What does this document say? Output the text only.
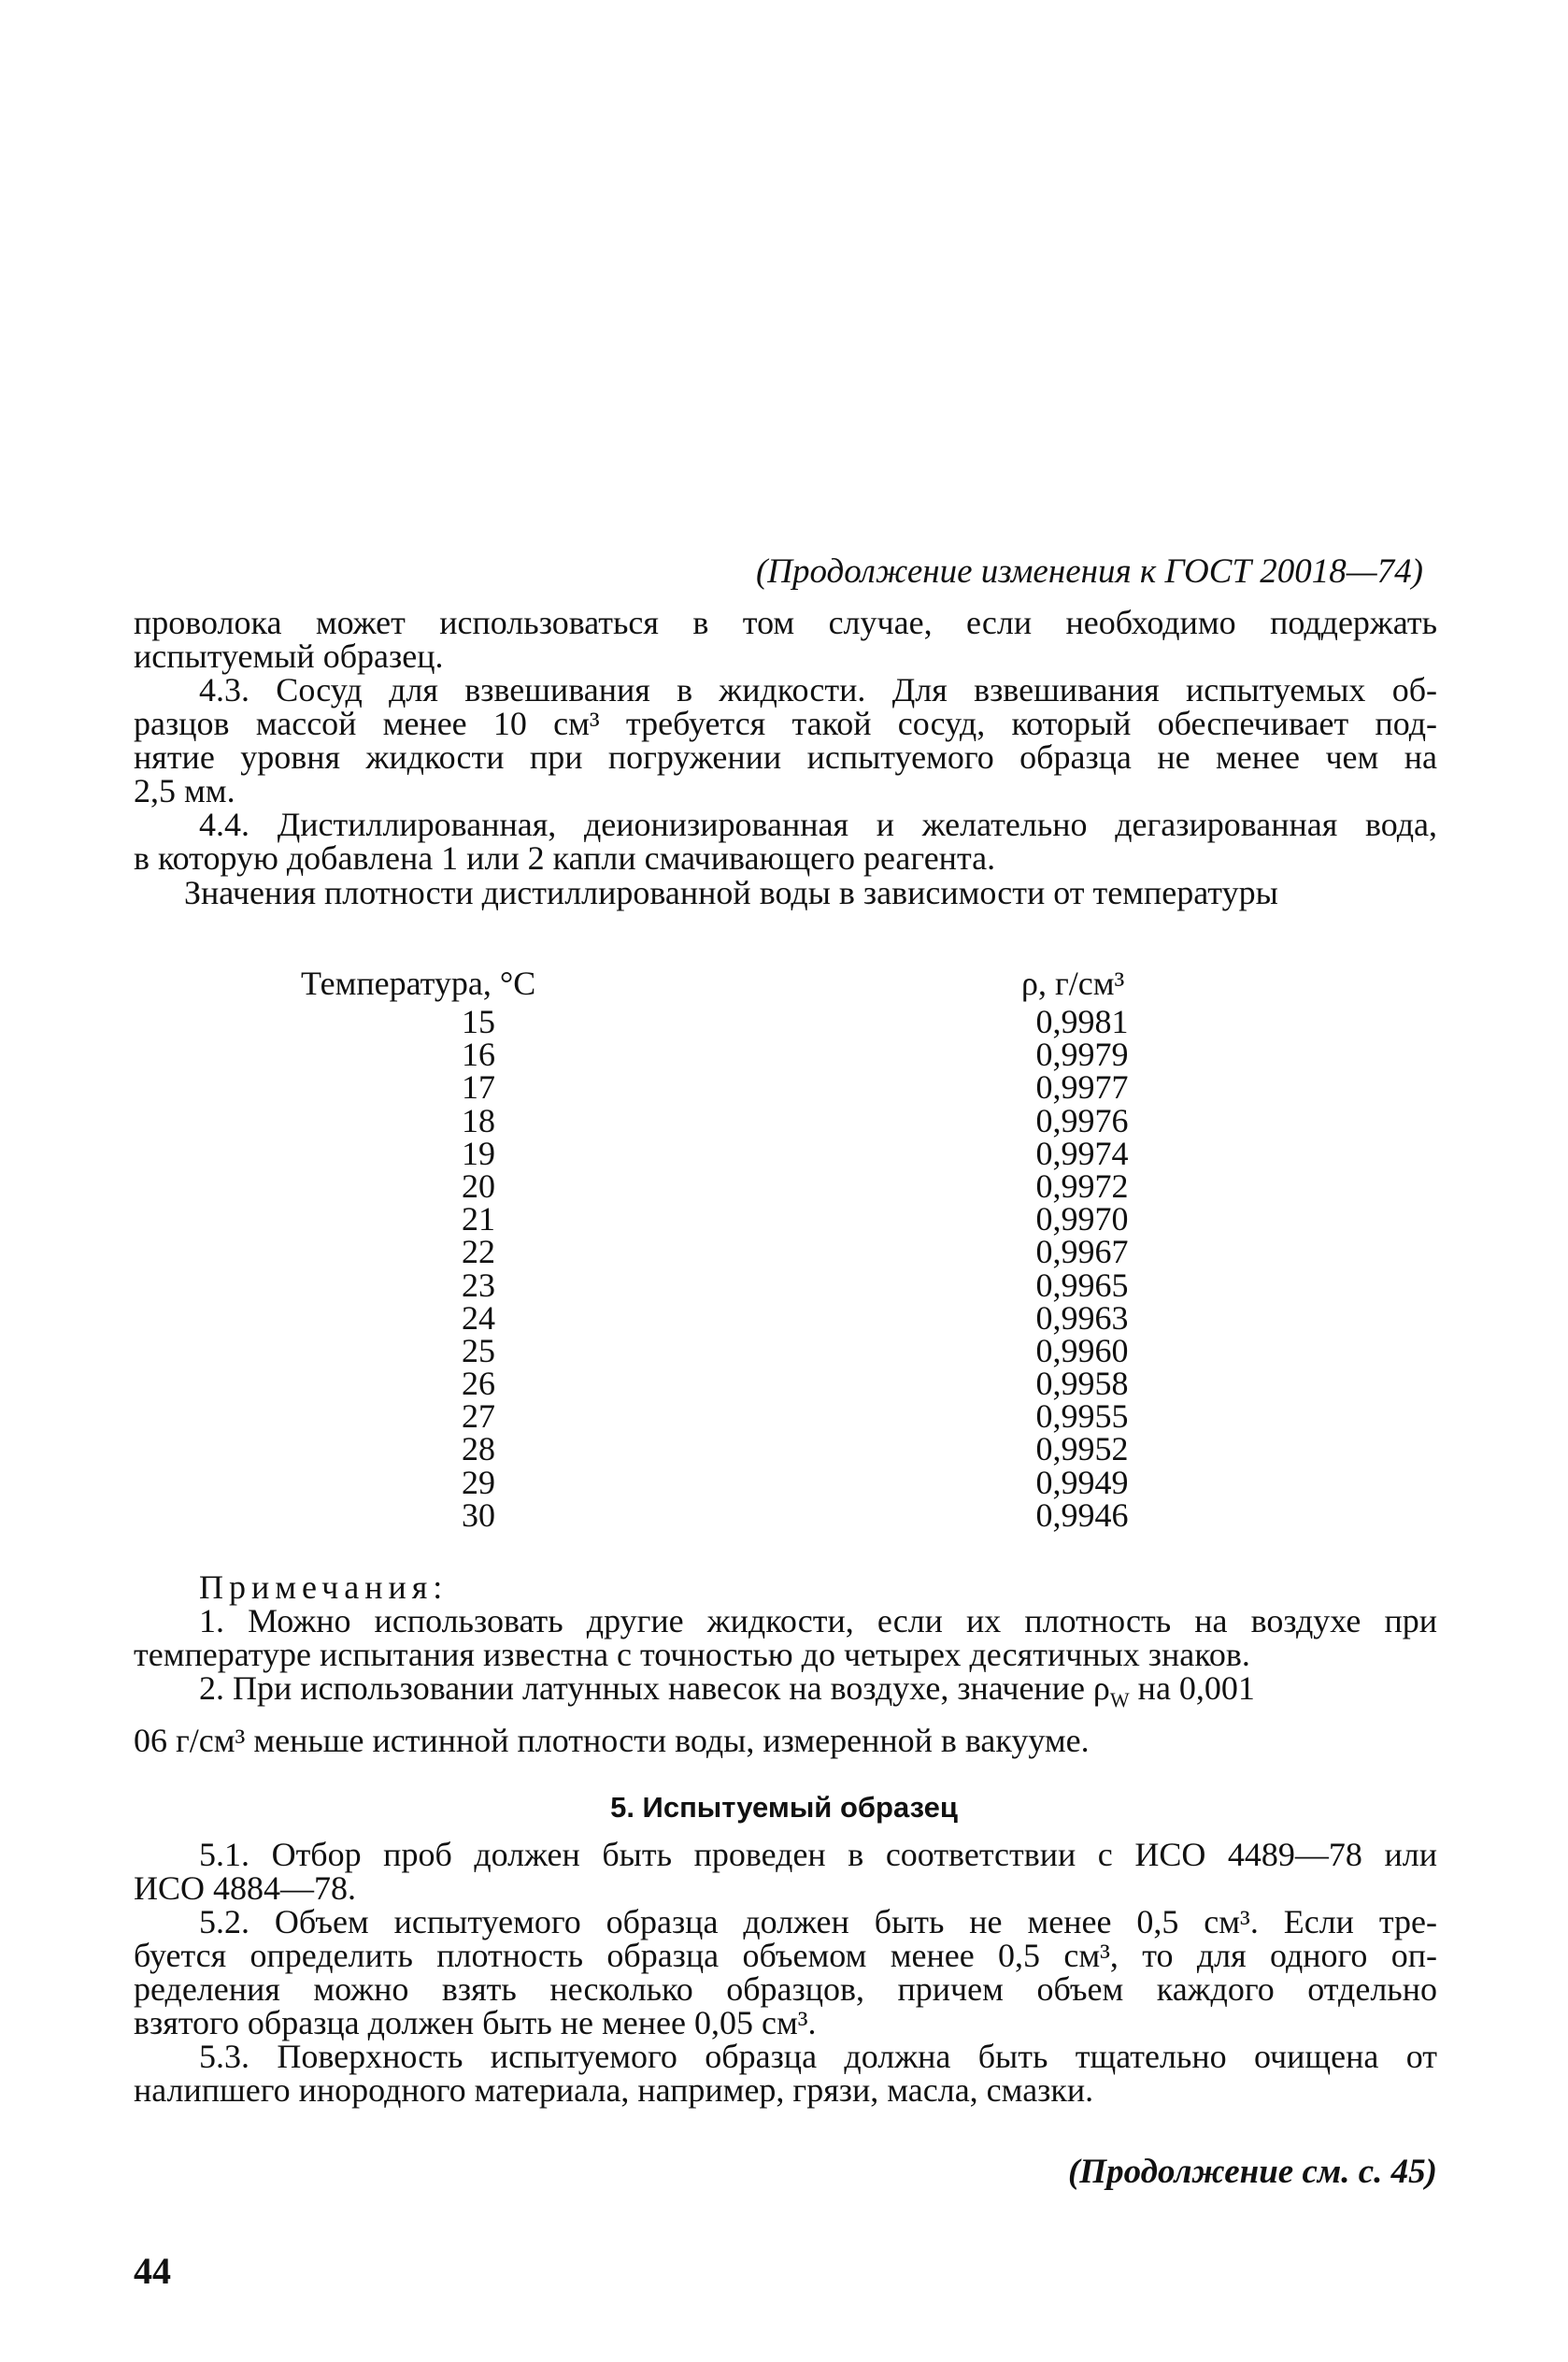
(Продолжение изменения к ГОСТ 20018—74)
проволока может использоваться в том случае, если необходимо поддержать
испытуемый образец.
4.3. Сосуд для взвешивания в жидкости. Для взвешивания испытуемых об-
разцов массой менее 10 см³ требуется такой сосуд, который обеспечивает под-
нятие уровня жидкости при погружении испытуемого образца не менее чем на
2,5 мм.
4.4. Дистиллированная, деионизированная и желательно дегазированная вода,
в которую добавлена 1 или 2 капли смачивающего реагента.
Значения плотности дистиллированной воды в зависимости от температуры
Температура, °С	ρ, г/см³
15	0,9981
16	0,9979
17	0,9977
18	0,9976
19	0,9974
20	0,9972
21	0,9970
22	0,9967
23	0,9965
24	0,9963
25	0,9960
26	0,9958
27	0,9955
28	0,9952
29	0,9949
30	0,9946
Примечания:
1. Можно использовать другие жидкости, если их плотность на воздухе при
температуре испытания известна с точностью до четырех десятичных знаков.
2. При использовании латунных навесок на воздухе, значение $\rho_W$ на 0,001
06 г/см³ меньше истинной плотности воды, измеренной в вакууме.
5. Испытуемый образец
5.1. Отбор проб должен быть проведен в соответствии с ИСО 4489—78 или
ИСО 4884—78.
5.2. Объем испытуемого образца должен быть не менее 0,5 см³. Если тре-
буется определить плотность образца объемом менее 0,5 см³, то для одного оп-
ределения можно взять несколько образцов, причем объем каждого отдельно
взятого образца должен быть не менее 0,05 см³.
5.3. Поверхность испытуемого образца должна быть тщательно очищена от
налипшего инородного материала, например, грязи, масла, смазки.
(Продолжение см. с. 45)
44
